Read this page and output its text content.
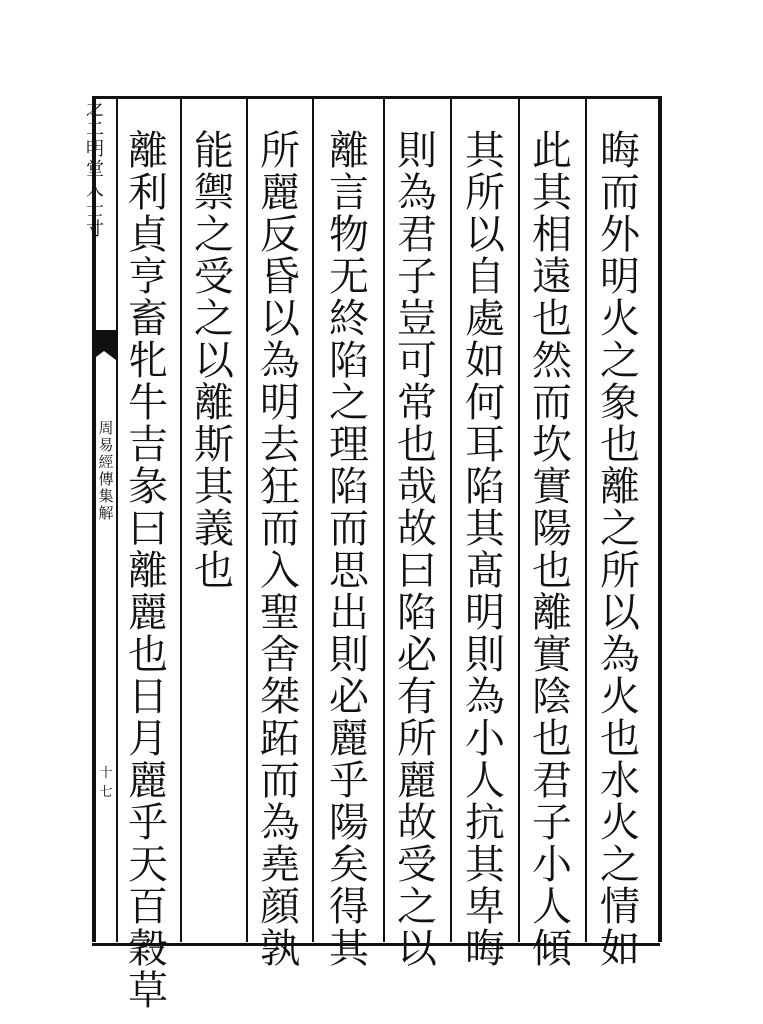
之
二
明
堂
人
士
寸
周
易
經
傳
集
解
十七
晦
而
外
明
火
之
象
也
離
之
所
以
為
火
也
水
火
之
情
如
此
其
相
遠
也
然
而
坎
實
陽
也
離
實
陰
也
君
子
小
人
傾
其
所
以
自
處
如
何
耳
陷
其
髙
明
則
為
小
人
抗
其
卑
晦
則
為
君
子
豈
可
常
也
哉
故
曰
陷
必
有
所
麗
故
受
之
以
離
言
物
无
終
陷
之
理
陷
而
思
出
則
必
麗
乎
陽
矣
得
其
所
麗
反
昏
以
為
明
去
狂
而
入
聖
舍
桀
跖
而
為
堯
顔
孰
能
禦
之
受
之
以
離
斯
其
義
也
離
利
貞
亨
畜
牝
牛
吉
彖
曰
離
麗
也
日
月
麗
乎
天
百
穀
草
